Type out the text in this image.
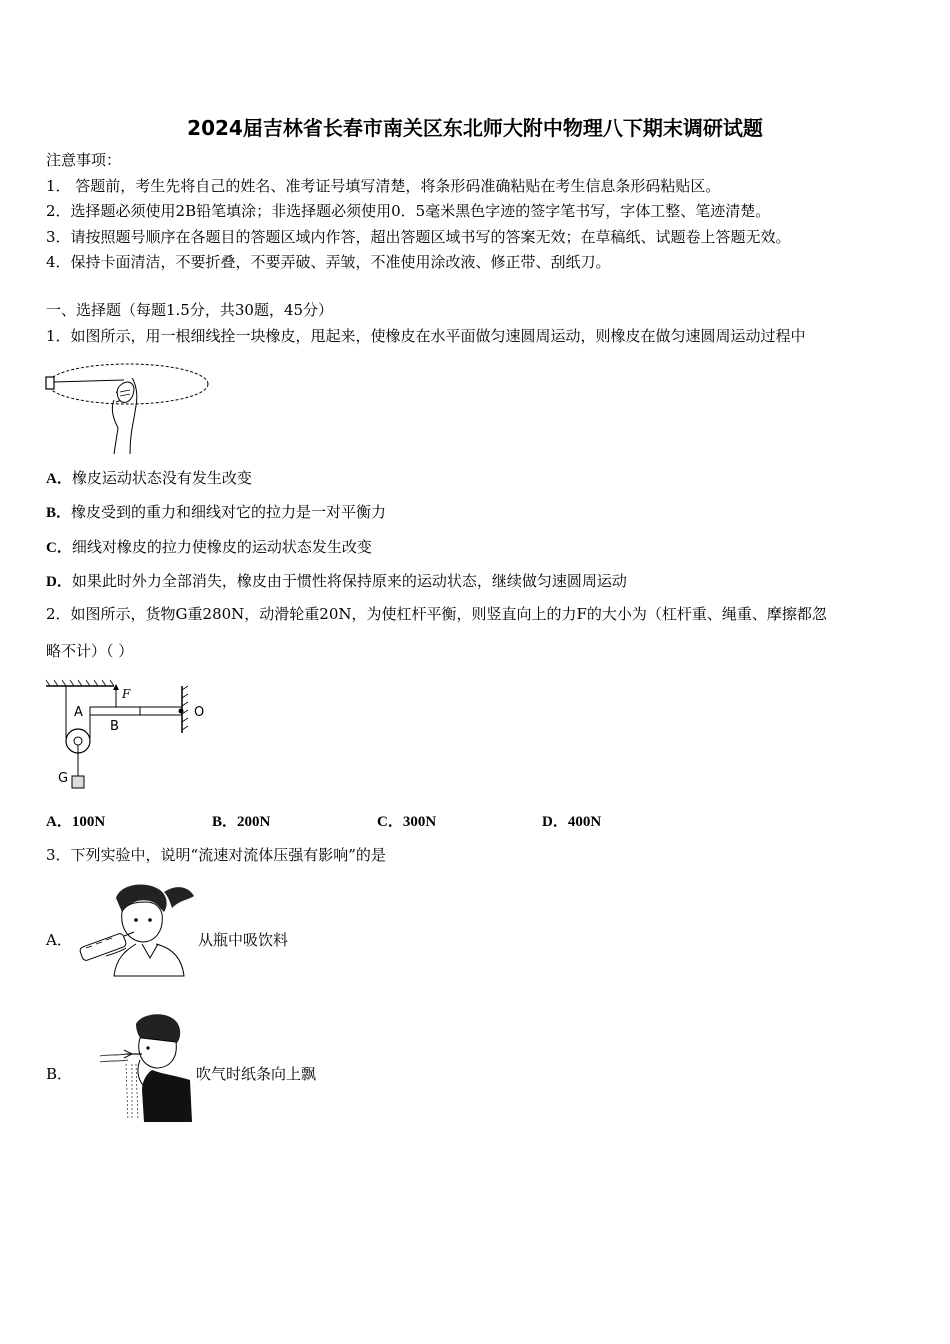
2024届吉林省长春市南关区东北师大附中物理八下期末调研试题
注意事项：
1． 答题前，考生先将自己的姓名、准考证号填写清楚，将条形码准确粘贴在考生信息条形码粘贴区。
2．选择题必须使用2B铅笔填涂；非选择题必须使用0．5毫米黑色字迹的签字笔书写，字体工整、笔迹清楚。
3．请按照题号顺序在各题目的答题区域内作答，超出答题区域书写的答案无效；在草稿纸、试题卷上答题无效。
4．保持卡面清洁，不要折叠，不要弄破、弄皱，不准使用涂改液、修正带、刮纸刀。
一、选择题（每题1.5分，共30题，45分）
1．如图所示，用一根细线拴一块橡皮，甩起来，使橡皮在水平面做匀速圆周运动，则橡皮在做匀速圆周运动过程中
A．橡皮运动状态没有发生改变
B．橡皮受到的重力和细线对它的拉力是一对平衡力
C．细线对橡皮的拉力使橡皮的运动状态发生改变
D．如果此时外力全部消失，橡皮由于惯性将保持原来的运动状态，继续做匀速圆周运动
2．如图所示，货物G重280N，动滑轮重20N，为使杠杆平衡，则竖直向上的力F的大小为（杠杆重、绳重、摩擦都忽
略不计）（ ）
A
B
F
O
G
A．100N	B．200N	C．300N	D．400N
3．下列实验中，说明“流速对流体压强有影响”的是
A．	从瓶中吸饮料
B．	吹气时纸条向上飘
